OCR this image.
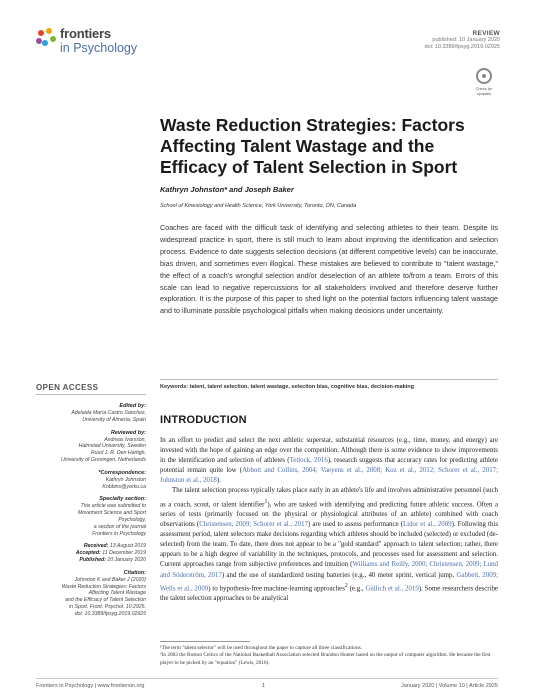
frontiers
in Psychology
REVIEW
published: 10 January 2020
doi: 10.3389/fpsyg.2019.02925
Check for
updates
Waste Reduction Strategies: Factors Affecting Talent Wastage and the Efficacy of Talent Selection in Sport
Kathryn Johnston* and Joseph Baker
School of Kinesiology and Health Science, York University, Toronto, ON, Canada
Coaches are faced with the difficult task of identifying and selecting athletes to their team. Despite its widespread practice in sport, there is still much to learn about improving the identification and selection process. Evidence to date suggests selection decisions (at different competitive levels) can be inaccurate, bias driven, and sometimes even illogical. These mistakes are believed to contribute to "talent wastage," the effect of a coach's wrongful selection and/or deselection of an athlete to/from a team. Errors of this scale can lead to negative repercussions for all stakeholders involved and therefore deserve further exploration. It is the purpose of this paper to shed light on the potential factors influencing talent wastage and to illuminate possible psychological pitfalls when making decisions under uncertainty.
Keywords: talent, talent selection, talent wastage, selection bias, cognitive bias, decision-making
OPEN ACCESS
Edited by:
Adelaida María Castro Sánchez,
University of Almería, Spain
Reviewed by:
Andreas Ivarsson,
Halmstad University, Sweden
Ruud J. R. Den Hartigh,
University of Groningen, Netherlands
*Correspondence:
Kathryn Johnston
Knbbins@yorku.ca
Specialty section:
This article was submitted to
Movement Science and Sport
Psychology,
a section of the journal
Frontiers in Psychology
Received: 13 August 2019
Accepted: 11 December 2019
Published: 10 January 2020
Citation:
Johnston K and Baker J (2020)
Waste Reduction Strategies: Factors
Affecting Talent Wastage
and the Efficacy of Talent Selection
in Sport. Front. Psychol. 10:2925.
doi: 10.3389/fpsyg.2019.02925
INTRODUCTION

In an effort to predict and select the next athletic superstar, substantial resources (e.g., time, money, and energy) are invested with the hope of gaining an edge over the competition. Although there is some evidence to show improvements in the identification and selection of athletes (Tetlock, 2016), research suggests that accuracy rates for predicting athlete potential remain quite low (Abbott and Collins, 2004; Vaeyens et al., 2008; Koz et al., 2012; Schorer et al., 2017; Johnston et al., 2018).

The talent selection process typically takes place early in an athlete's life and involves administrative personnel (such as a coach, scout, or talent identifier$^1$), who are tasked with identifying and predicting future athletic success. Often a series of tests (primarily focused on the physical or physiological attributes of an athlete) combined with coach observations (Christensen, 2009; Schorer et al., 2017) are used to assess performance (Lidor et al., 2009). Following this assessment period, talent selectors make decisions regarding which athletes should be included (selected) or excluded (de-selected) from the team. To date, there does not appear to be a "gold standard" approach to talent selection; rather, there appears to be a high degree of variability in the techniques, protocols, and processes used for assessment and selection. Current approaches range from subjective preferences and intuition (Williams and Reilly, 2000; Christensen, 2009; Lund and Söderström, 2017) and the use of standardized testing batteries (e.g., 40 meter sprint, vertical jump, Gabbett, 2009; Wells et al., 2009) to hypothesis-free machine-learning approaches$^2$ (e.g., Güllich et al., 2019). Some researchers describe the talent selection approaches to be analytical

¹The term "talent selector" will be used throughout the paper to capture all three classifications.
²In 2003 the Boston Celtics of the National Basketball Association selected Brandon Hunter based on the output of computer algorithm. He became the first player to be picked by an "equation" (Lewis, 2016).
Frontiers in Psychology | www.frontiersin.org	1	January 2020 | Volume 10 | Article 2925
